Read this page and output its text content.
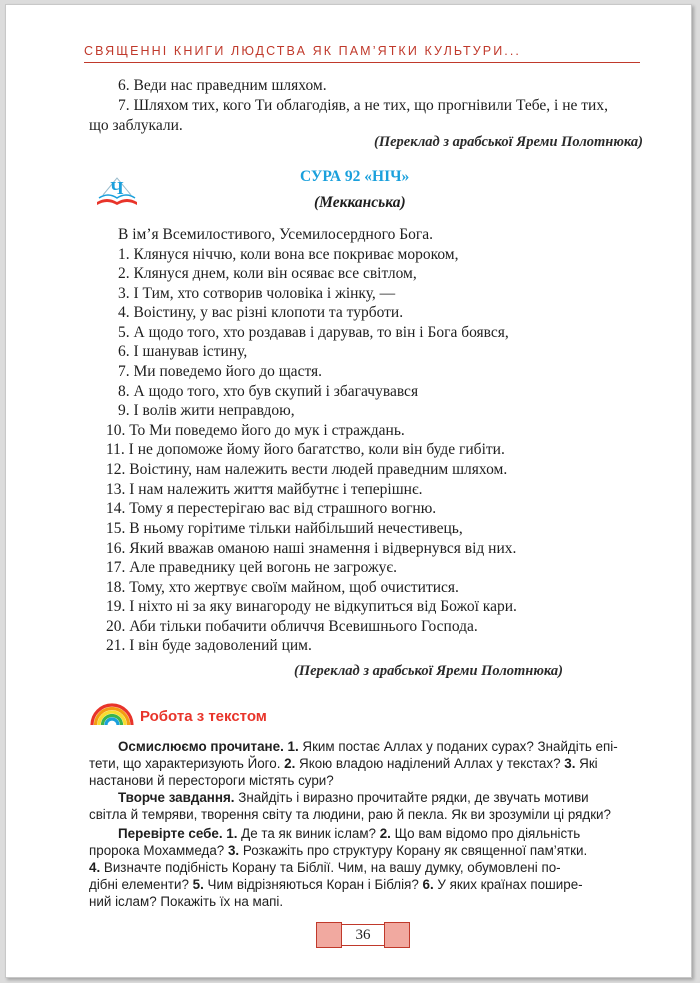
СВЯЩЕННІ КНИГИ ЛЮДСТВА ЯК ПАМ’ЯТКИ КУЛЬТУРИ...
6. Веди нас праведним шляхом.
7. Шляхом тих, кого Ти облагодіяв, а не тих, що прогнівили Тебе, і не тих,
що заблукали.
(Переклад з арабської Яреми Полотнюка)
Ч
СУРА 92 «НІЧ»
(Мекканська)
В ім’я Всемилостивого, Усемилосердного Бога.
1. Клянуся ніччю, коли вона все покриває мороком,
2. Клянуся днем, коли він осяває все світлом,
3. І Тим, хто сотворив чоловіка і жінку, —
4. Воістину, у вас різні клопоти та турботи.
5. А щодо того, хто роздавав і дарував, то він і Бога боявся,
6. І шанував істину,
7. Ми поведемо його до щастя.
8. А щодо того, хто був скупий і збагачувався
9. І волів жити неправдою,
10. То Ми поведемо його до мук і страждань.
11. І не допоможе йому його багатство, коли він буде гибіти.
12. Воістину, нам належить вести людей праведним шляхом.
13. І нам належить життя майбутнє і теперішнє.
14. Тому я перестерігаю вас від страшного вогню.
15. В ньому горітиме тільки найбільший нечестивець,
16. Який вважав оманою наші знамення і відвернувся від них.
17. Але праведнику цей вогонь не загрожує.
18. Тому, хто жертвує своїм майном, щоб очиститися.
19. І ніхто ні за яку винагороду не відкупиться від Божої кари.
20. Аби тільки побачити обличчя Всевишнього Господа.
21. І він буде задоволений цим.
(Переклад з арабської Яреми Полотнюка)
Робота з текстом
Осмислюємо прочитане. 1. Яким постає Аллах у поданих сурах? Знайдіть епі-
тети, що характеризують Його. 2. Якою владою наділений Аллах у текстах? 3. Які
настанови й перестороги містять сури?
Творче завдання. Знайдіть і виразно прочитайте рядки, де звучать мотиви
світла й темряви, творення світу та людини, раю й пекла. Як ви зрозуміли ці рядки?
Перевірте себе. 1. Де та як виник іслам? 2. Що вам відомо про діяльність
пророка Мохаммеда? 3. Розкажіть про структуру Корану як священної пам’ятки.
4. Визначте подібність Корану та Біблії. Чим, на вашу думку, обумовлені по-
дібні елементи? 5. Чим відрізняються Коран і Біблія? 6. У яких країнах пошире-
ний іслам? Покажіть їх на мапі.
36
